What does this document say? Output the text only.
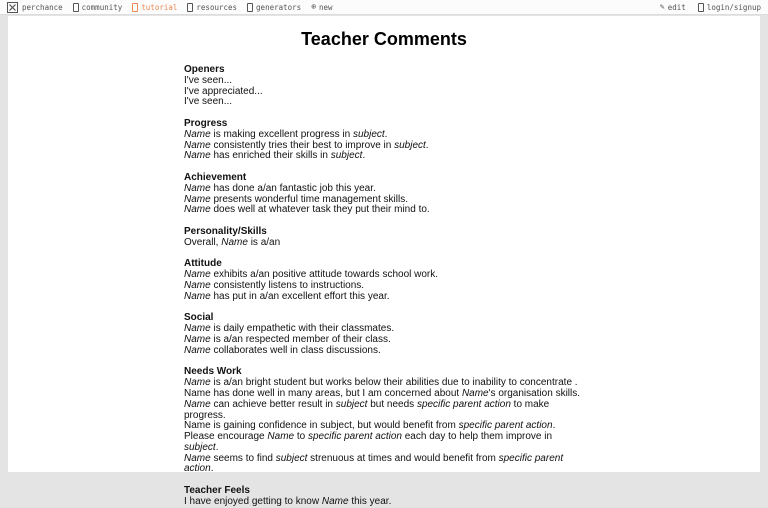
perchance	community	tutorial	resources	generators ⊕ new	✎ edit	login/signup
Teacher Comments
Openers
I've seen...
I've appreciated...
I've seen...
Progress
Name is making excellent progress in subject.
Name consistently tries their best to improve in subject.
Name has enriched their skills in subject.
Achievement
Name has done a/an fantastic job this year.
Name presents wonderful time management skills.
Name does well at whatever task they put their mind to.
Personality/Skills
Overall, Name is a/an
Attitude
Name exhibits a/an positive attitude towards school work.
Name consistently listens to instructions.
Name has put in a/an excellent effort this year.
Social
Name is daily empathetic with their classmates.
Name is a/an respected member of their class.
Name collaborates well in class discussions.
Needs Work
Name is a/an bright student but works below their abilities due to inability to concentrate .
Name has done well in many areas, but I am concerned about Name's organisation skills.
Name can achieve better result in subject but needs specific parent action to make progress.
Name is gaining confidence in subject, but would benefit from specific parent action.
Please encourage Name to specific parent action each day to help them improve in subject.
Name seems to find subject strenuous at times and would benefit from specific parent action.
Teacher Feels
I have enjoyed getting to know Name this year.
